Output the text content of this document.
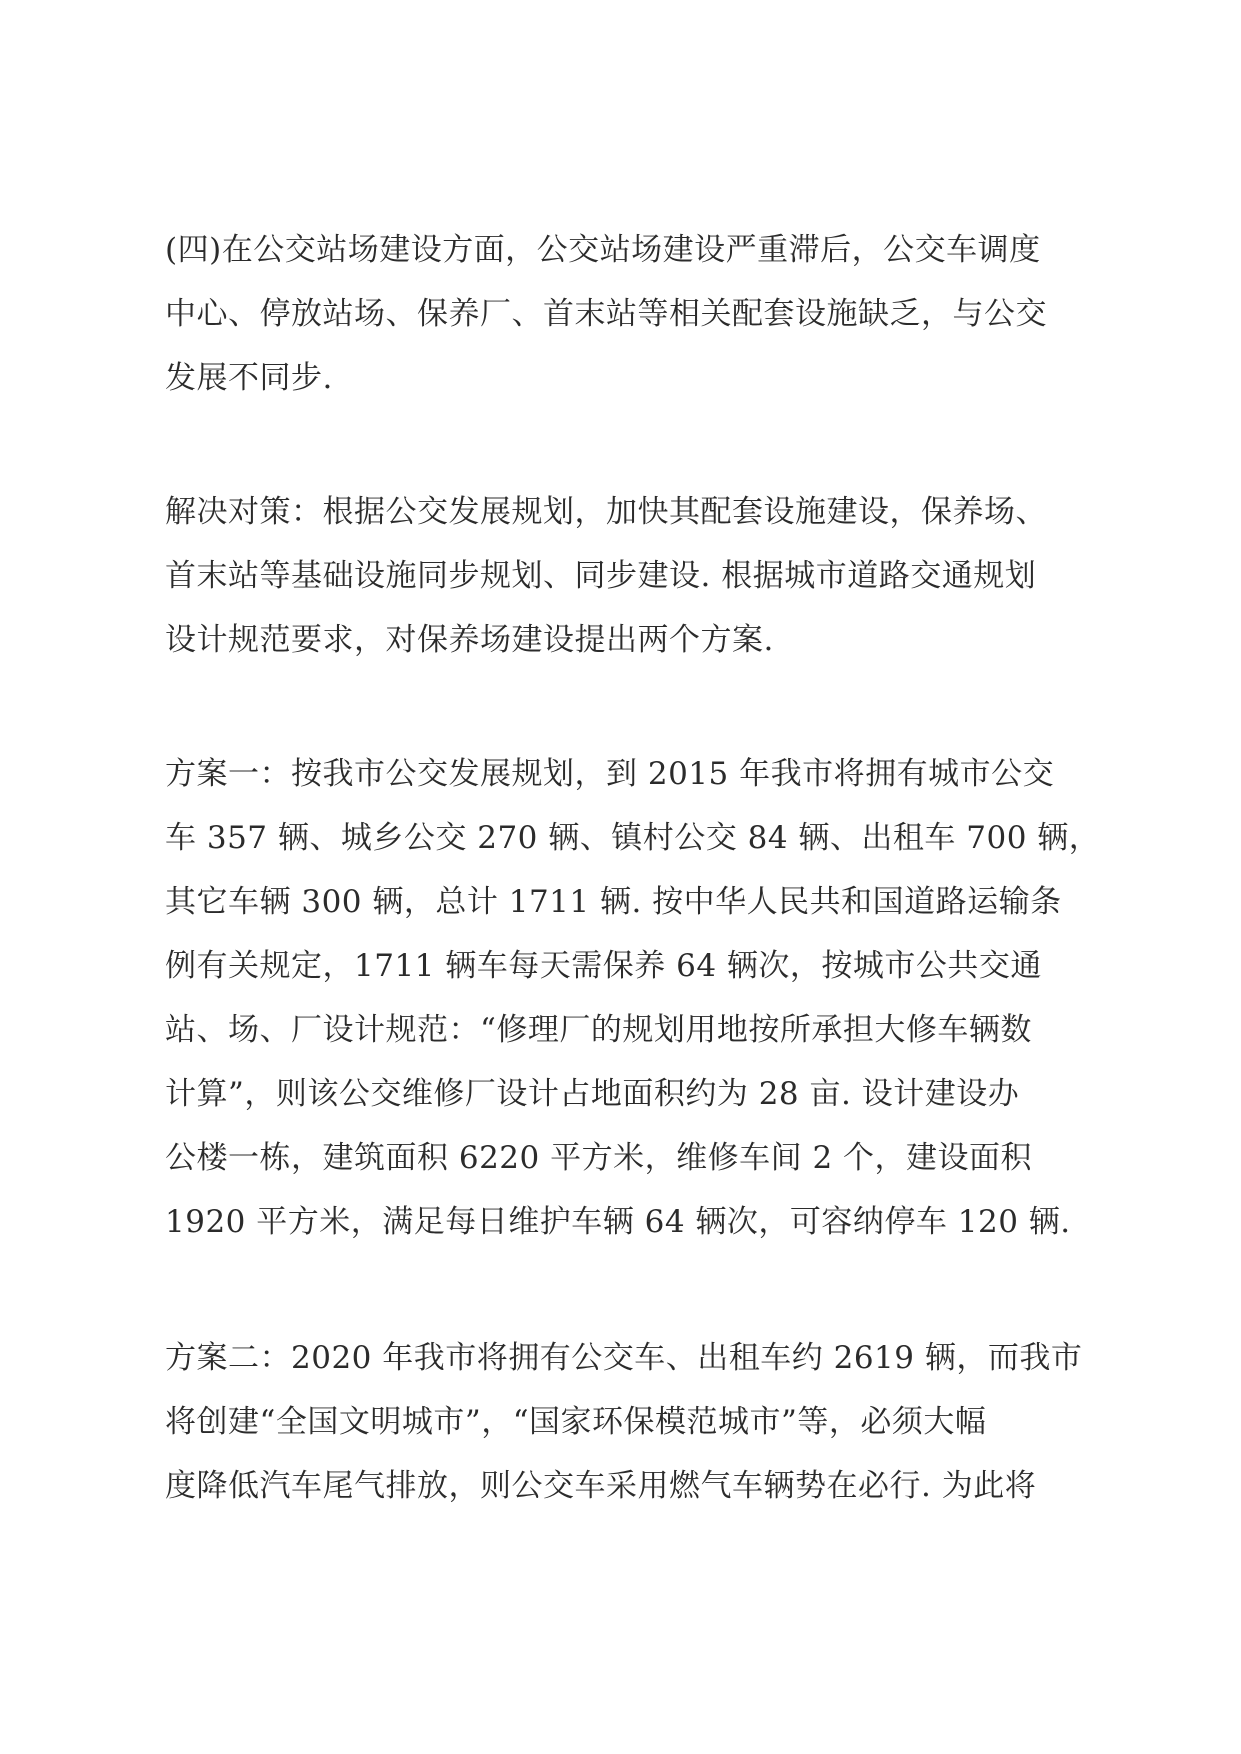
(四)在公交站场建设方面，公交站场建设严重滞后，公交车调度
中心、停放站场、保养厂、首末站等相关配套设施缺乏，与公交
发展不同步.

解决对策：根据公交发展规划，加快其配套设施建设，保养场、
首末站等基础设施同步规划、同步建设. 根据城市道路交通规划
设计规范要求，对保养场建设提出两个方案.

方案一：按我市公交发展规划，到 2015 年我市将拥有城市公交
车 357 辆、城乡公交 270 辆、镇村公交 84 辆、出租车 700 辆，
其它车辆 300 辆，总计 1711 辆. 按中华人民共和国道路运输条
例有关规定，1711 辆车每天需保养 64 辆次，按城市公共交通
站、场、厂设计规范：“修理厂的规划用地按所承担大修车辆数
计算”，则该公交维修厂设计占地面积约为 28 亩. 设计建设办
公楼一栋，建筑面积 6220 平方米，维修车间 2 个，建设面积
1920 平方米，满足每日维护车辆 64 辆次，可容纳停车 120 辆.

方案二：2020 年我市将拥有公交车、出租车约 2619 辆，而我市
将创建“全国文明城市”，“国家环保模范城市”等，必须大幅
度降低汽车尾气排放，则公交车采用燃气车辆势在必行. 为此将
